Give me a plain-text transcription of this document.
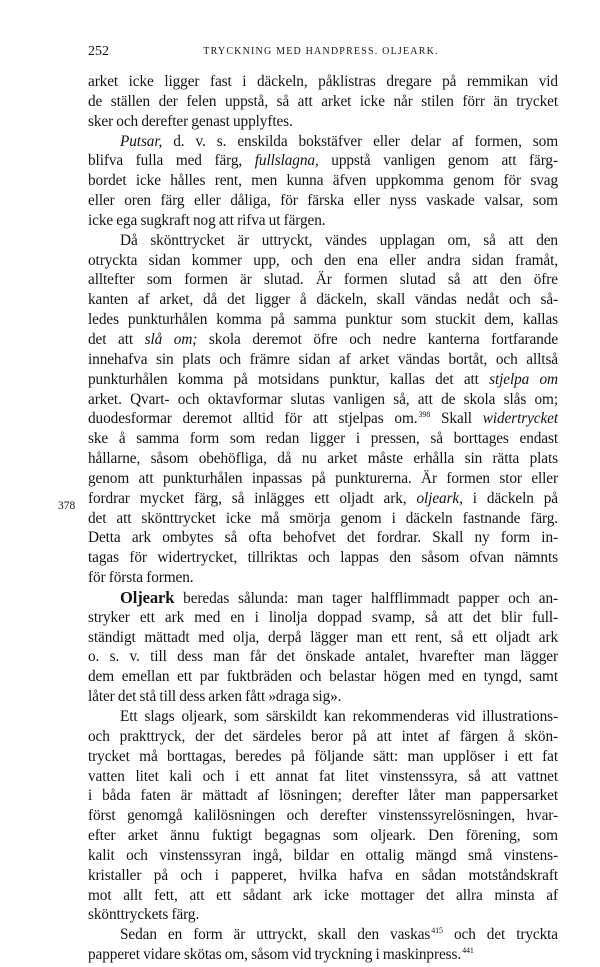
252	TRYCKNING MED HANDPRESS. OLJEARK.
378
arket icke ligger fast i däckeln, påklistras dregare på remmikan vid
de ställen der felen uppstå, så att arket icke når stilen förr än trycket
sker och derefter genast upplyftes.
Putsar, d. v. s. enskilda bokstäfver eller delar af formen, som
blifva fulla med färg, fullslagna, uppstå vanligen genom att färg-
bordet icke hålles rent, men kunna äfven uppkomma genom för svag
eller oren färg eller dåliga, för färska eller nyss vaskade valsar, som
icke ega sugkraft nog att rifva ut färgen.
Då skönttrycket är uttryckt, vändes upplagan om, så att den
otryckta sidan kommer upp, och den ena eller andra sidan framåt,
alltefter som formen är slutad. Är formen slutad så att den öfre
kanten af arket, då det ligger å däckeln, skall vändas nedåt och så-
ledes punkturhålen komma på samma punktur som stuckit dem, kallas
det att slå om; skola deremot öfre och nedre kanterna fortfarande
innehafva sin plats och främre sidan af arket vändas bortåt, och alltså
punkturhålen komma på motsidans punktur, kallas det att stjelpa om
arket. Qvart- och oktavformar slutas vanligen så, att de skola slås om;
duodesformar deremot alltid för att stjelpas om.$^{398}$ Skall widertrycket
ske å samma form som redan ligger i pressen, så borttages endast
hållarne, såsom obehöfliga, då nu arket måste erhålla sin rätta plats
genom att punkturhålen inpassas på punkturerna. Är formen stor eller
fordrar mycket färg, så inlägges ett oljadt ark, oljeark, i däckeln på
det att skönttrycket icke må smörja genom i däckeln fastnande färg.
Detta ark ombytes så ofta behofvet det fordrar. Skall ny form in-
tagas för widertrycket, tillriktas och lappas den såsom ofvan nämnts
för första formen.
Oljeark beredas sålunda: man tager halfflimmadt papper och an-
stryker ett ark med en i linolja doppad svamp, så att det blir full-
ständigt mättadt med olja, derpå lägger man ett rent, så ett oljadt ark
o. s. v. till dess man får det önskade antalet, hvarefter man lägger
dem emellan ett par fuktbräden och belastar högen med en tyngd, samt
låter det stå till dess arken fått »draga sig».
Ett slags oljeark, som särskildt kan rekommenderas vid illustrations-
och prakttryck, der det särdeles beror på att intet af färgen å skön-
trycket må borttagas, beredes på följande sätt: man upplöser i ett fat
vatten litet kali och i ett annat fat litet vinstenssyra, så att vattnet
i båda faten är mättadt af lösningen; derefter låter man pappersarket
först genomgå kalilösningen och derefter vinstenssyrelösningen, hvar-
efter arket ännu fuktigt begagnas som oljeark. Den förening, som
kalit och vinstenssyran ingå, bildar en ottalig mängd små vinstens-
kristaller på och i papperet, hvilka hafva en sådan motståndskraft
mot allt fett, att ett sådant ark icke mottager det allra minsta af
skönttryckets färg.
Sedan en form är uttryckt, skall den vaskas$^{415}$ och det tryckta
papperet vidare skötas om, såsom vid tryckning i maskinpress.$^{441}$
